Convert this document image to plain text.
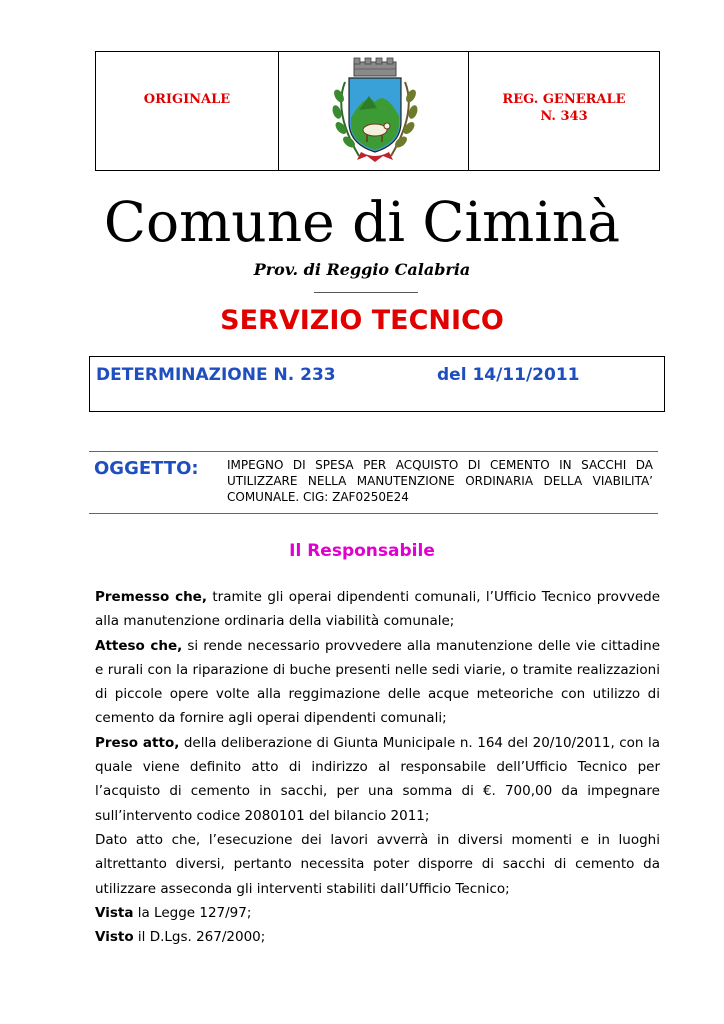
ORIGINALE	REG. GENERALE
N. 343
Comune di Ciminà
Prov. di Reggio Calabria
SERVIZIO TECNICO
DETERMINAZIONE N. 233	del 14/11/2011
OGGETTO: IMPEGNO DI SPESA PER ACQUISTO DI CEMENTO IN SACCHI DA UTILIZZARE NELLA MANUTENZIONE ORDINARIA DELLA VIABILITA’ COMUNALE. CIG: ZAF0250E24
Il Responsabile

Premesso che, tramite gli operai dipendenti comunali, l’Ufficio Tecnico provvede alla manutenzione ordinaria della viabilità comunale;

Atteso che, si rende necessario provvedere alla manutenzione delle vie cittadine e rurali con la riparazione di buche presenti nelle sedi viarie, o tramite realizzazioni di piccole opere volte alla reggimazione delle acque meteoriche con utilizzo di cemento da fornire agli operai dipendenti comunali;

Preso atto, della deliberazione di Giunta Municipale n. 164 del 20/10/2011, con la quale viene definito atto di indirizzo al responsabile dell’Ufficio Tecnico per l’acquisto di cemento in sacchi, per una somma di €. 700,00 da impegnare sull’intervento codice 2080101 del bilancio 2011;

Dato atto che, l’esecuzione dei lavori avverrà in diversi momenti e in luoghi altrettanto diversi, pertanto necessita poter disporre di sacchi di cemento da utilizzare asseconda gli interventi stabiliti dall’Ufficio Tecnico;

Vista la Legge 127/97;

Visto il D.Lgs. 267/2000;
